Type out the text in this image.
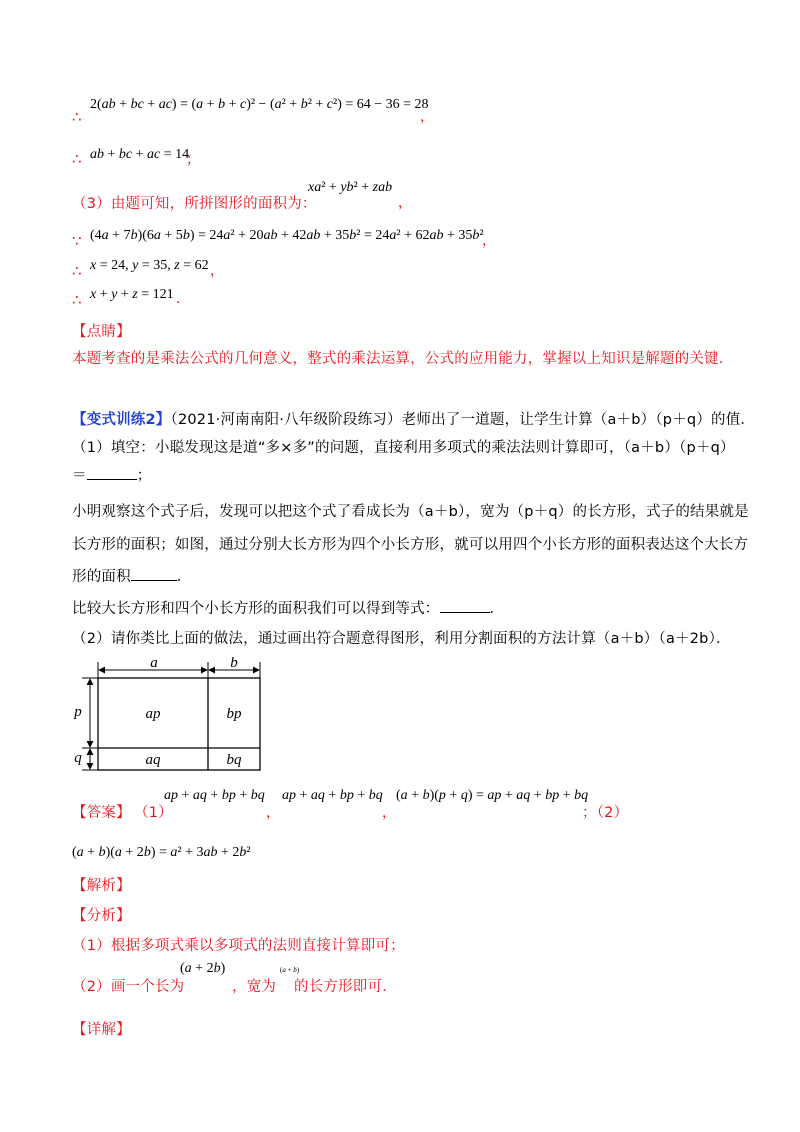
∴
2(ab + bc + ac) = (a + b + c)² − (a² + b² + c²) = 64 − 36 = 28
，
∴ ab + bc + ac = 14
；
（3）由题可知，所拼图形的面积为：
xa² + yb² + zab
，
∵ (4a + 7b)(6a + 5b) = 24a² + 20ab + 42ab + 35b² = 24a² + 62ab + 35b²
，
∴ x = 24, y = 35, z = 62 ，
∴ x + y + z = 121 ．
【点睛】
本题考查的是乘法公式的几何意义，整式的乘法运算，公式的应用能力，掌握以上知识是解题的关键．
【变式训练2】（2021·河南南阳·八年级阶段练习）老师出了一道题，让学生计算（a＋b）（p＋q）的值．
（1）填空：小聪发现这是道“多×多”的问题，直接利用多项式的乘法法则计算即可，（a＋b）（p＋q）
＝	；
小明观察这个式子后，发现可以把这个式了看成长为（a＋b），宽为（p＋q）的长方形，式子的结果就是
长方形的面积；如图，通过分别大长方形为四个小长方形，就可以用四个小长方形的面积表达这个大长方
形的面积	．
比较大长方形和四个小长方形的面积我们可以得到等式：	．
（2）请你类比上面的做法，通过画出符合题意得图形，利用分割面积的方法计算（a＋b）（a＋2b）．
a	b
p
q
ap	bp
aq	bq
【答案】 （1）
ap + aq + bp + bq
，
ap + aq + bp + bq
，
(a + b)(p + q) = ap + aq + bp + bq
；（2）
(a + b)(a + 2b) = a² + 3ab + 2b²
【解析】
【分析】
（1）根据多项式乘以多项式的法则直接计算即可；
（2）画一个长为
(a + 2b)
，宽为
(a + b)
的长方形即可．
【详解】
